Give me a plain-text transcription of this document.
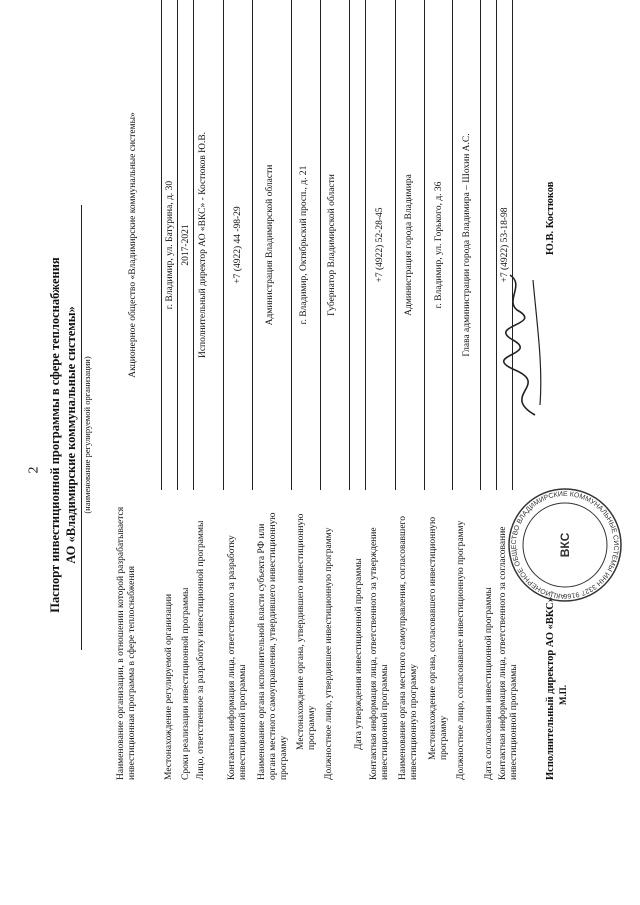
2 Паспорт инвестиционной программы в сфере теплоснабжения АО «Владимирские коммунальные системы» (наименование регулируемой организации)
Наименование организации, в отношении которой разрабатывается инвестиционная программа в сфере теплоснабжения
Акционерное общество «Владимирские коммунальные системы»
Местонахождение регулируемой организации
г. Владимир, ул. Батурина, д. 30
Сроки реализации инвестиционной программы
2017-2021
Лицо, ответственное за разработку инвестиционной программы
Исполнительный директор АО «ВКС» - Костюков Ю.В.
Контактная информация лица, ответственного за разработку инвестиционной программы
+7 (4922) 44 -98-29
Наименование органа исполнительной власти субъекта РФ или органа местного самоуправления, утвердившего инвестиционную программу
Администрация Владимирской области
Местонахождение органа, утвердившего инвестиционную программу
г. Владимир, Октябрьский просп., д. 21
Должностное лицо, утвердившее инвестиционную программу
Губернатор Владимирской области
Дата утверждения инвестиционной программы Контактная информация лица, ответственного за утверждение инвестиционной программы
+7 (4922) 52-28-45
Наименование органа местного самоуправления, согласовавшего инвестиционную программу
Администрация города Владимира
Местонахождение органа, согласовавшего инвестиционную программу
г. Владимир, ул. Горького, д. 36
Должностное лицо, согласовавшее инвестиционную программу
Глава администрации города Владимира – Шохин А.С.
Дата согласования инвестиционной программы Контактная информация лица, ответственного за согласование инвестиционной программы
+7 (4922) 53-18-98
Исполнительный директор АО «ВКС» М.П.
Ю.В. Костюков
АКЦИОНЕРНОЕ ОБЩЕСТВО ВЛАДИМИРСКИЕ КОММУНАЛЬНЫЕ СИСТЕМЫ ИНН 3327 9166
ВКС
